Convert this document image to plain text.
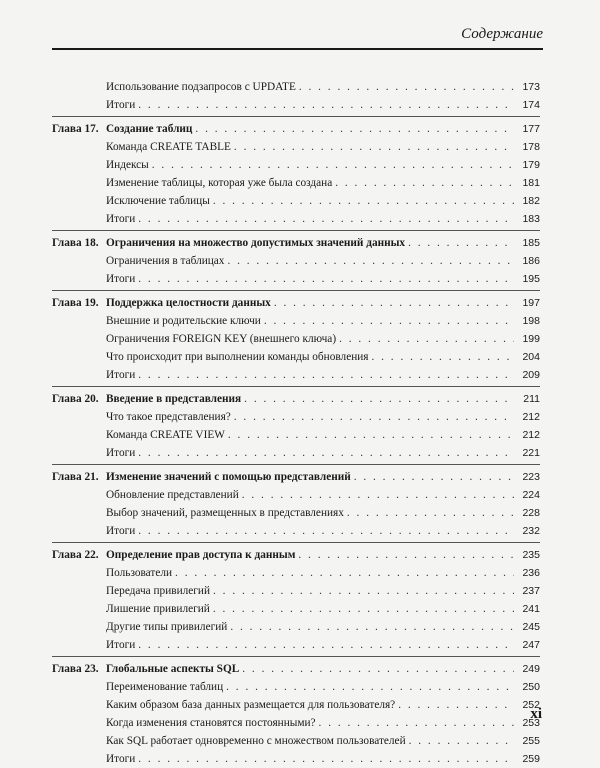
Содержание
Использование подзапросов с UPDATE . . .	173
Итоги . . .	174
Глава 17. Создание таблиц . . .	177
Команда CREATE TABLE . . .	178
Индексы . . .	179
Изменение таблицы, которая уже была создана . . .	181
Исключение таблицы . . .	182
Итоги . . .	183
Глава 18. Ограничения на множество допустимых значений данных . . .	185
Ограничения в таблицах . . .	186
Итоги . . .	195
Глава 19. Поддержка целостности данных . . .	197
Внешние и родительские ключи . . .	198
Ограничения FOREIGN KEY (внешнего ключа) . . .	199
Что происходит при выполнении команды обновления . . .	204
Итоги . . .	209
Глава 20. Введение в представления . . .	211
Что такое представления? . . .	212
Команда CREATE VIEW . . .	212
Итоги . . .	221
Глава 21. Изменение значений с помощью представлений . . .	223
Обновление представлений . . .	224
Выбор значений, размещенных в представлениях . . .	228
Итоги . . .	232
Глава 22. Определение прав доступа к данным . . .	235
Пользователи . . .	236
Передача привилегий . . .	237
Лишение привилегий . . .	241
Другие типы привилегий . . .	245
Итоги . . .	247
Глава 23. Глобальные аспекты SQL . . .	249
Переименование таблиц . . .	250
Каким образом база данных размещается для пользователя? . . .	252
Когда изменения становятся постоянными? . . .	253
Как SQL работает одновременно с множеством пользователей . . .	255
Итоги . . .	259
xi
